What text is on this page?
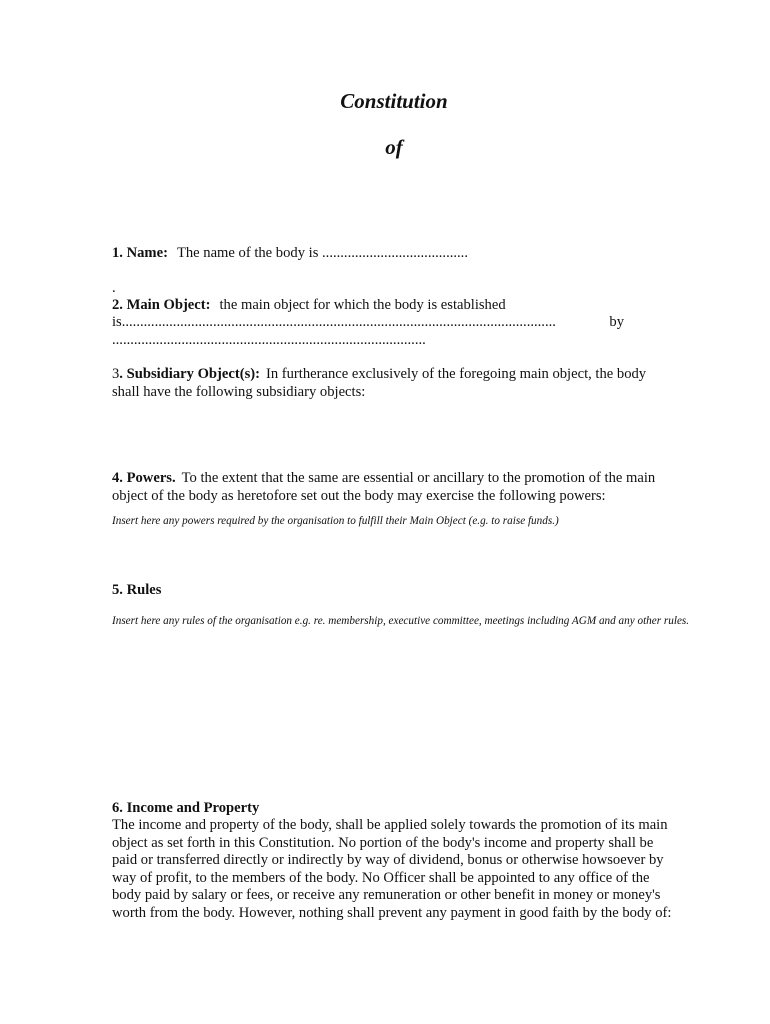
Constitution
of
1. Name: The name of the body is ........................................
.
2. Main Object: the main object for which the body is established
is.......................................................................................................................	by
......................................................................................
3. Subsidiary Object(s): In furtherance exclusively of the foregoing main object, the body shall have the following subsidiary objects:
4. Powers. To the extent that the same are essential or ancillary to the promotion of the main object of the body as heretofore set out the body may exercise the following powers:
Insert here any powers required by the organisation to fulfill their Main Object (e.g. to raise funds.)
5. Rules
Insert here any rules of the organisation e.g. re. membership, executive committee, meetings including AGM and any other rules.
6. Income and Property
The income and property of the body, shall be applied solely towards the promotion of its main object as set forth in this Constitution. No portion of the body's income and property shall be paid or transferred directly or indirectly by way of dividend, bonus or otherwise howsoever by way of profit, to the members of the body. No Officer shall be appointed to any office of the body paid by salary or fees, or receive any remuneration or other benefit in money or money's worth from the body. However, nothing shall prevent any payment in good faith by the body of:
